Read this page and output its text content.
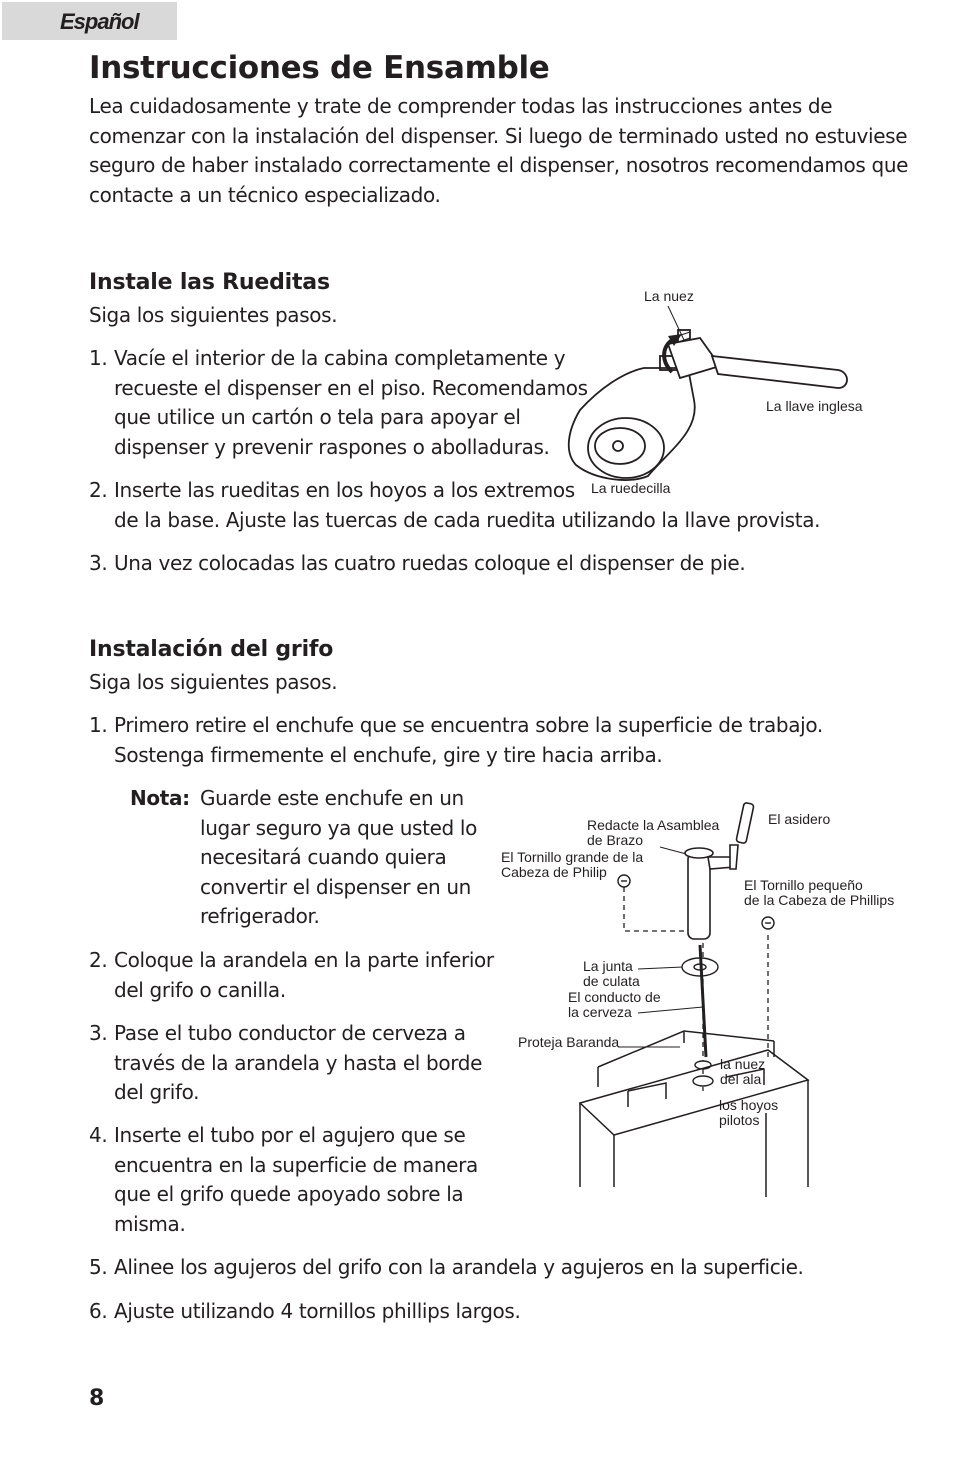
Español
Instrucciones de Ensamble

Lea cuidadosamente y trate de comprender todas las instrucciones antes de

comenzar con la instalación del dispenser. Si luego de terminado usted no estuviese

seguro de haber instalado correctamente el dispenser, nosotros recomendamos que

contacte a un técnico especializado.

Instale las Rueditas

Siga los siguientes pasos.

1. Vacíe el interior de la cabina completamente y
recueste el dispenser en el piso. Recomendamos
que utilice un cartón o tela para apoyar el
dispenser y prevenir raspones o abolladuras.
2. Inserte las rueditas en los hoyos a los extremos
de la base. Ajuste las tuercas de cada ruedita utilizando la llave provista.
3. Una vez colocadas las cuatro ruedas coloque el dispenser de pie.
La nuez
La llave inglesa
La ruedecilla
Instalación del grifo

Siga los siguientes pasos.

1. Primero retire el enchufe que se encuentra sobre la superficie de trabajo.
Sostenga firmemente el enchufe, gire y tire hacia arriba.
Nota: Guarde este enchufe en un
lugar seguro ya que usted lo
necesitará cuando quiera
convertir el dispenser en un
refrigerador.
2. Coloque la arandela en la parte inferior
del grifo o canilla.
3. Pase el tubo conductor de cerveza a
través de la arandela y hasta el borde
del grifo.
4. Inserte el tubo por el agujero que se
encuentra en la superficie de manera
que el grifo quede apoyado sobre la
misma.
5. Alinee los agujeros del grifo con la arandela y agujeros en la superficie.
6. Ajuste utilizando 4 tornillos phillips largos.
Redacte la Asamblea
de Brazo
El asidero
El Tornillo grande de la
Cabeza de Philip
El Tornillo pequeño
de la Cabeza de Phillips
La junta
de culata
El conducto de
la cerveza
Proteja Baranda
la nuez
del ala
los hoyos
pilotos
8
